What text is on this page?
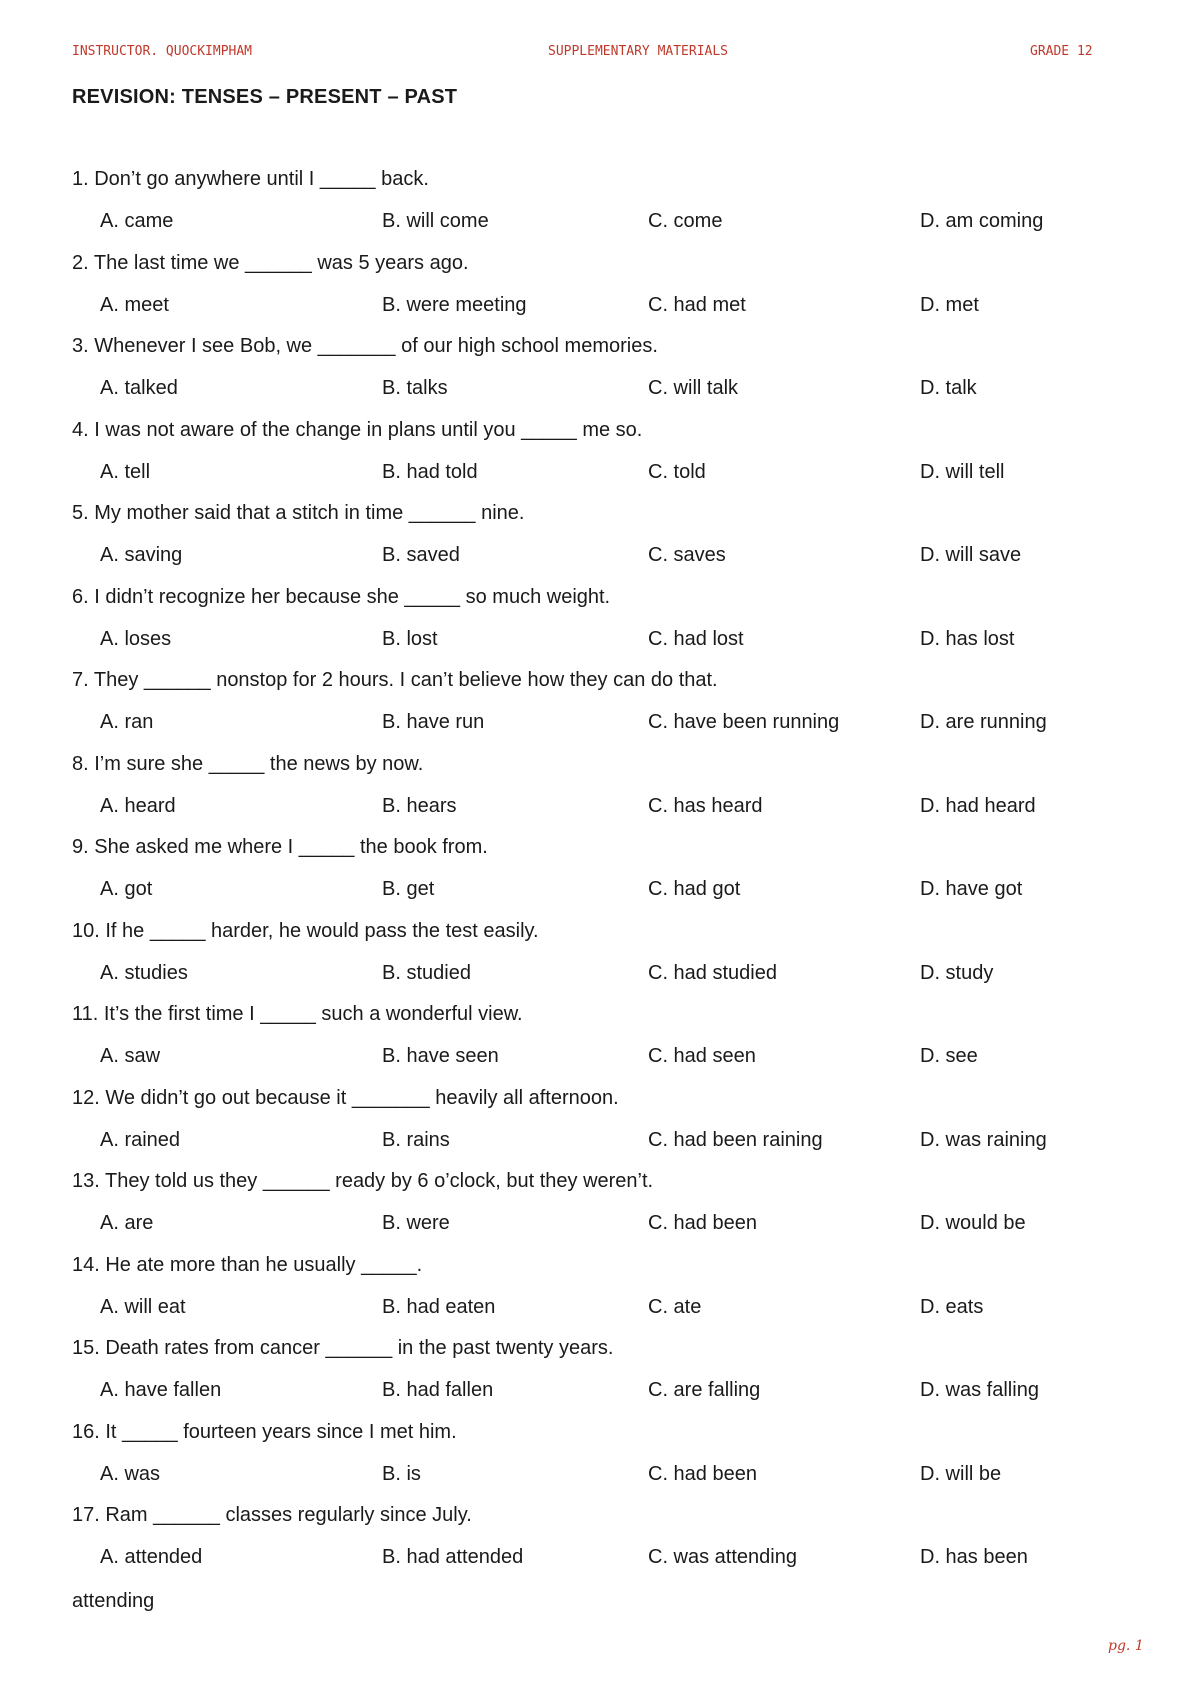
INSTRUCTOR. QUOCKIMPHAM	SUPPLEMENTARY MATERIALS	GRADE 12
REVISION: TENSES – PRESENT – PAST
1. Don’t go anywhere until I _____ back.
A. came	B. will come	C. come	D. am coming
2. The last time we ______ was 5 years ago.
A. meet	B. were meeting	C. had met	D. met
3. Whenever I see Bob, we _______ of our high school memories.
A. talked	B. talks	C. will talk	D. talk
4. I was not aware of the change in plans until you _____ me so.
A. tell	B. had told	C. told	D. will tell
5. My mother said that a stitch in time ______ nine.
A. saving	B. saved	C. saves	D. will save
6. I didn’t recognize her because she _____ so much weight.
A. loses	B. lost	C. had lost	D. has lost
7. They ______ nonstop for 2 hours. I can’t believe how they can do that.
A. ran	B. have run	C. have been running	D. are running
8. I’m sure she _____ the news by now.
A. heard	B. hears	C. has heard	D. had heard
9. She asked me where I _____ the book from.
A. got	B. get	C. had got	D. have got
10. If he _____ harder, he would pass the test easily.
A. studies	B. studied	C. had studied	D. study
11. It’s the first time I _____ such a wonderful view.
A. saw	B. have seen	C. had seen	D. see
12. We didn’t go out because it _______ heavily all afternoon.
A. rained	B. rains	C. had been raining	D. was raining
13. They told us they ______ ready by 6 o’clock, but they weren’t.
A. are	B. were	C. had been	D. would be
14. He ate more than he usually _____.
A. will eat	B. had eaten	C. ate	D. eats
15. Death rates from cancer ______ in the past twenty years.
A. have fallen	B. had fallen	C. are falling	D. was falling
16. It _____ fourteen years since I met him.
A. was	B. is	C. had been	D. will be
17. Ram ______ classes regularly since July.
A. attended	B. had attended	C. was attending	D. has been
attending
pg. 1
